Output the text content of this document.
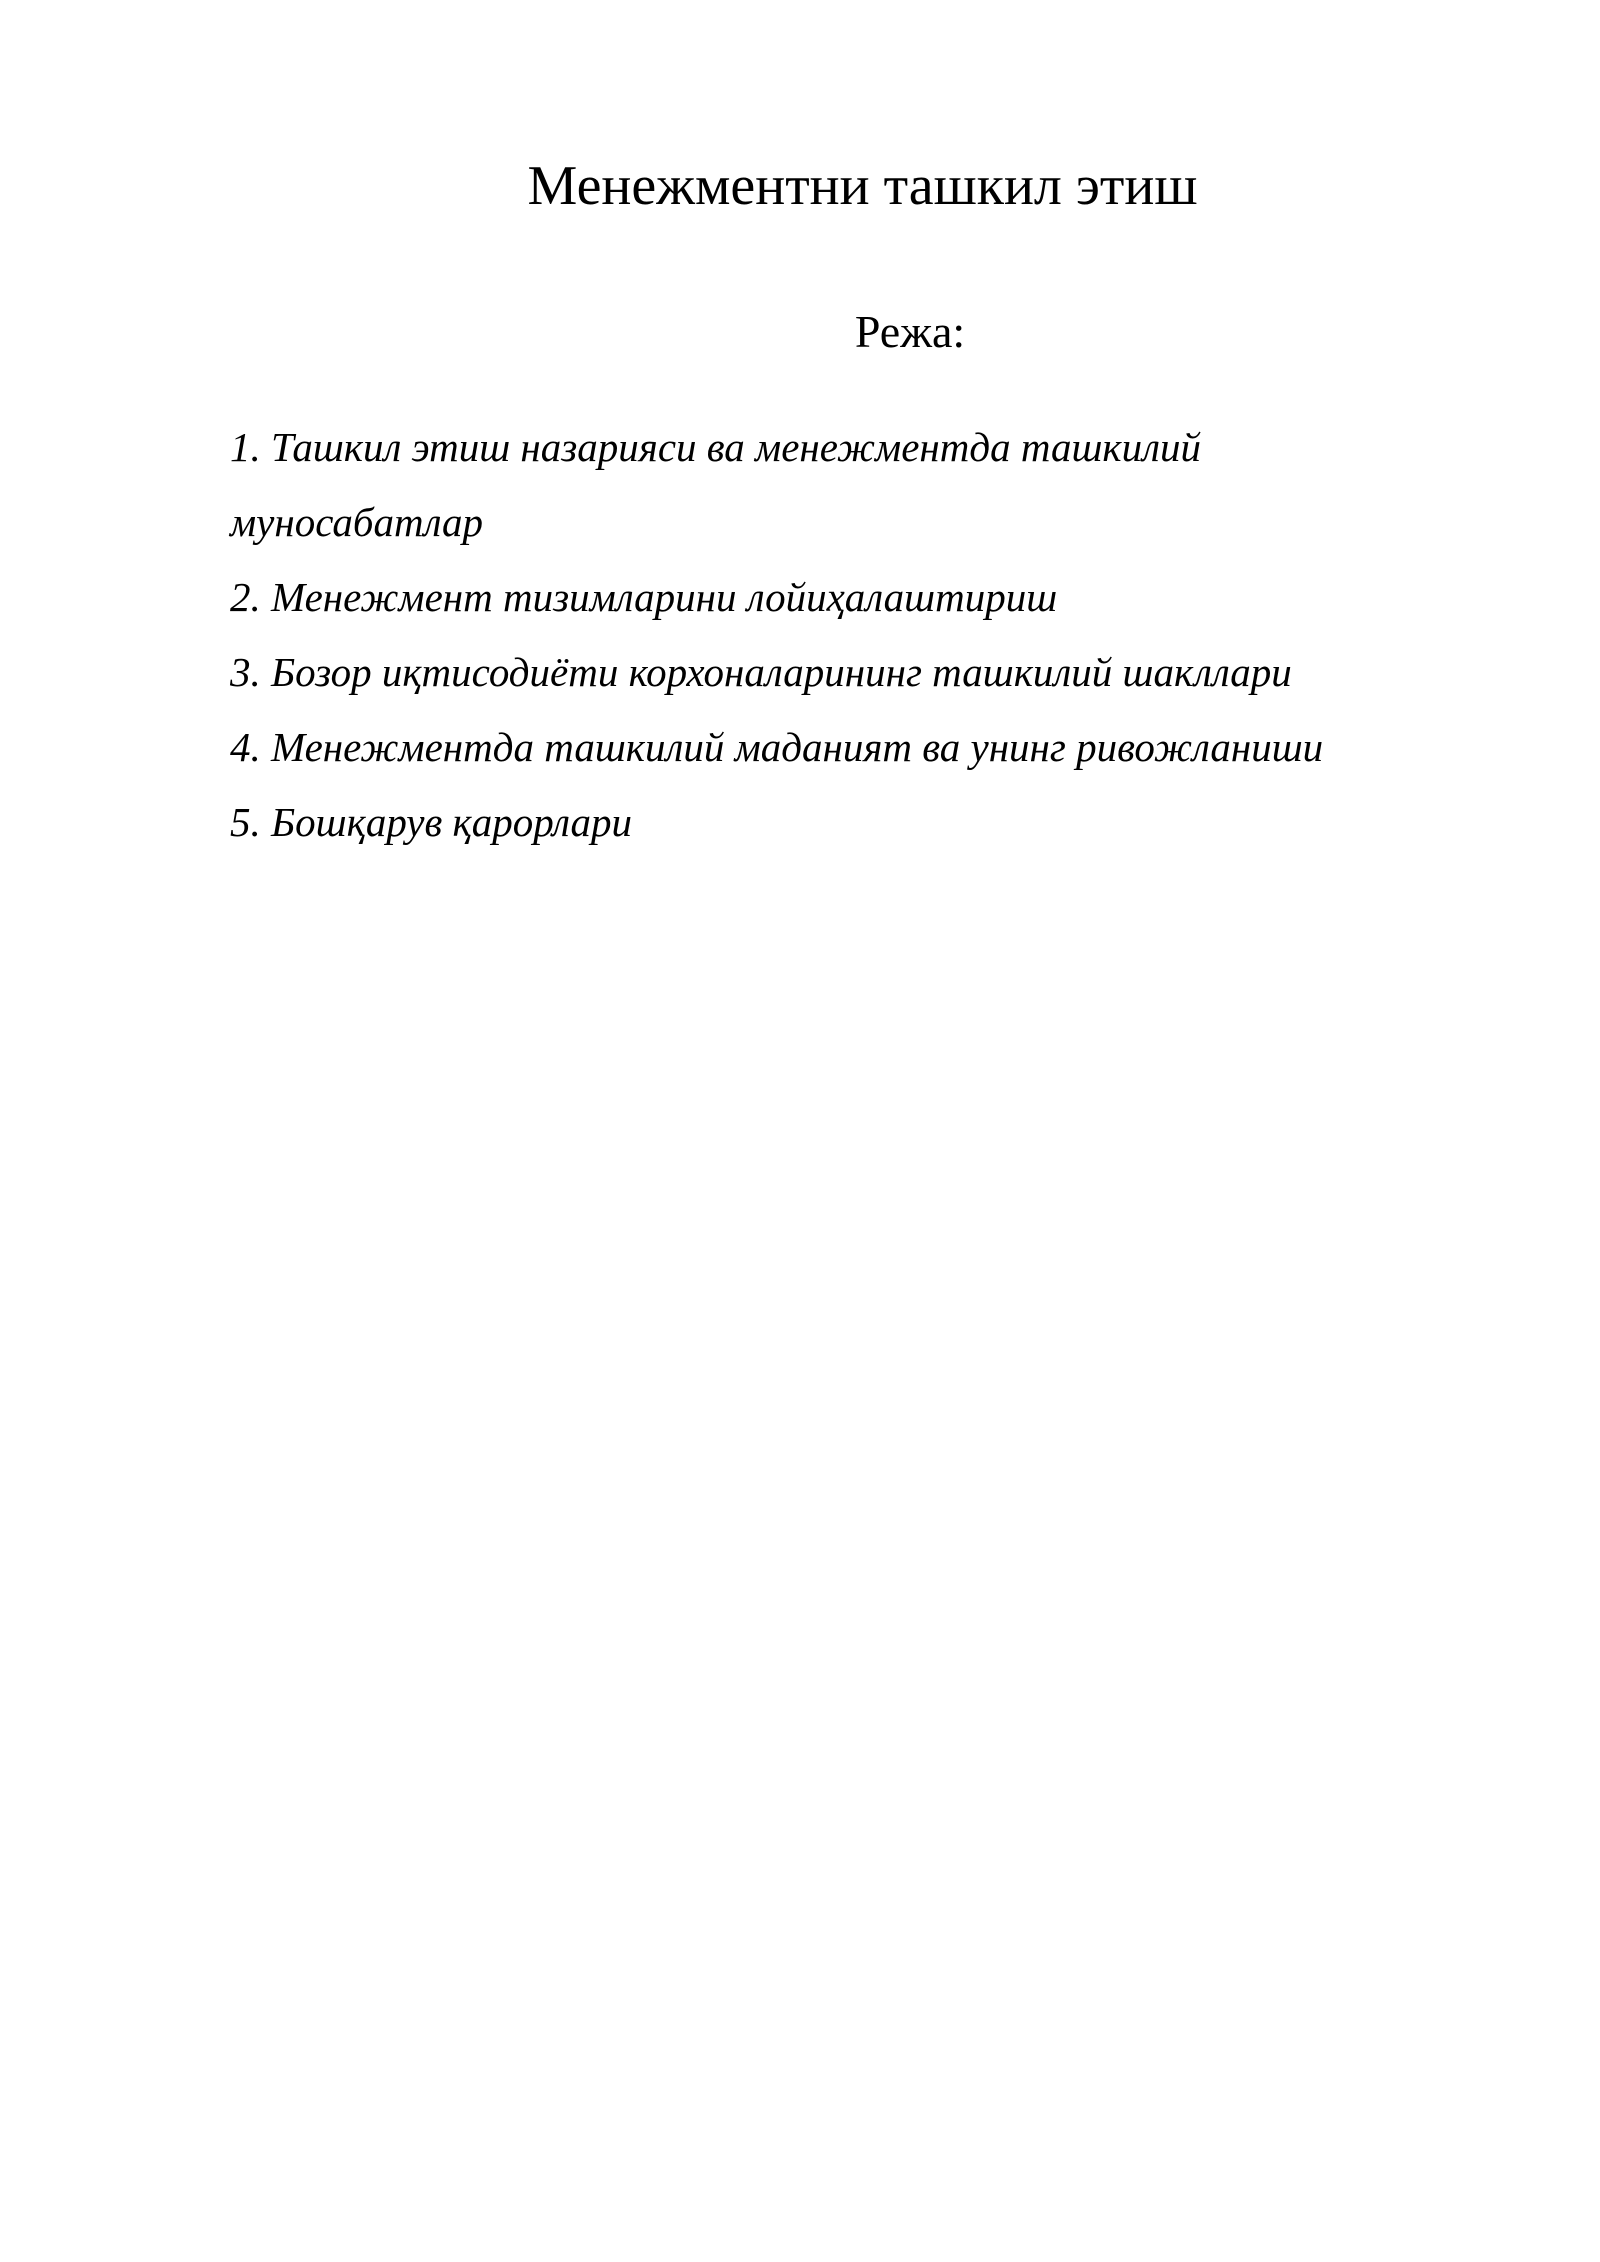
Менежментни ташкил этиш
Режа:
1. Ташкил этиш назарияси ва менежментда ташкилий
муносабатлар
2. Менежмент тизимларини лойиҳалаштириш
3. Бозор иқтисодиёти корхоналарининг ташкилий шакллари
4. Менежментда ташкилий маданият ва унинг ривожланиши
5. Бошқарув қарорлари
